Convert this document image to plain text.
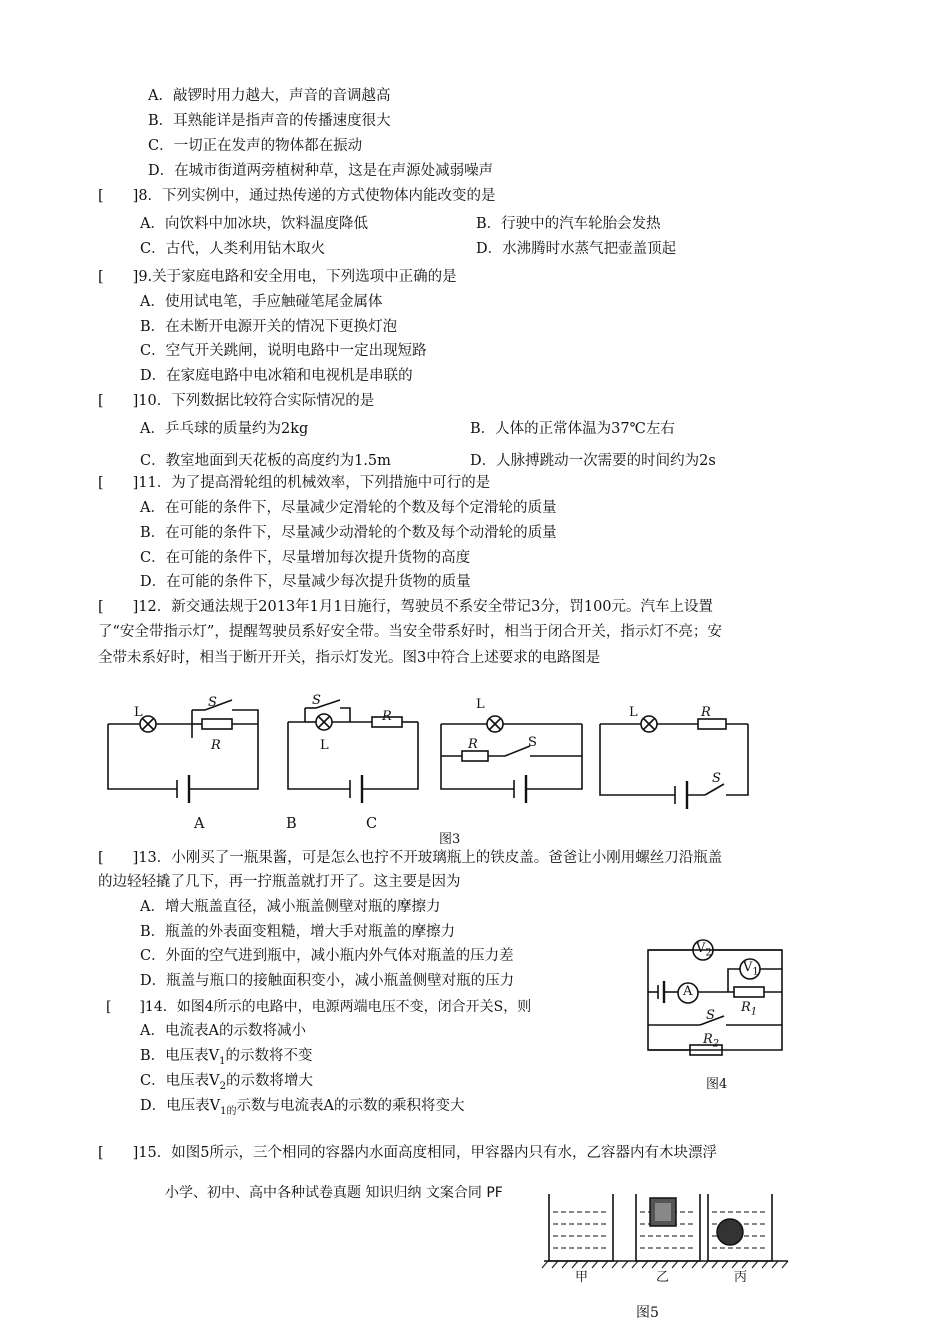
A．敲锣时用力越大，声音的音调越高
B．耳熟能详是指声音的传播速度很大
C．一切正在发声的物体都在振动
D．在城市街道两旁植树种草，这是在声源处减弱噪声
[　　]8．下列实例中，通过热传递的方式使物体内能改变的是
A．向饮料中加冰块，饮料温度降低	B．行驶中的汽车轮胎会发热
C．古代，人类利用钻木取火	D．水沸腾时水蒸气把壶盖顶起
[　　]9.关于家庭电路和安全用电，下列选项中正确的是
A．使用试电笔，手应触碰笔尾金属体
B．在未断开电源开关的情况下更换灯泡
C．空气开关跳闸，说明电路中一定出现短路
D．在家庭电路中电冰箱和电视机是串联的
[　　]10．下列数据比较符合实际情况的是
A．乒乓球的质量约为2kg	B．人体的正常体温为37℃左右
C．教室地面到天花板的高度约为1.5m	D．人脉搏跳动一次需要的时间约为2s
[　　]11．为了提高滑轮组的机械效率，下列措施中可行的是
A．在可能的条件下，尽量减少定滑轮的个数及每个定滑轮的质量
B．在可能的条件下，尽量减少动滑轮的个数及每个动滑轮的质量
C．在可能的条件下，尽量增加每次提升货物的高度
D．在可能的条件下，尽量减少每次提升货物的质量
[　　]12．新交通法规于2013年1月1日施行，驾驶员不系安全带记3分，罚100元。汽车上设置
了“安全带指示灯”，提醒驾驶员系好安全带。当安全带系好时，相当于闭合开关，指示灯不亮；安
全带未系好时，相当于断开开关，指示灯发光。图3中符合上述要求的电路图是
L
S
R
S
L
R
L
R	S
L	R
S
A	B	C
图3
[　　]13．小刚买了一瓶果酱，可是怎么也拧不开玻璃瓶上的铁皮盖。爸爸让小刚用螺丝刀沿瓶盖
的边轻轻撬了几下，再一拧瓶盖就打开了。这主要是因为
A．增大瓶盖直径，减小瓶盖侧壁对瓶的摩擦力
B．瓶盖的外表面变粗糙，增大手对瓶盖的摩擦力
C．外面的空气进到瓶中，减小瓶内外气体对瓶盖的压力差
D．瓶盖与瓶口的接触面积变小，减小瓶盖侧壁对瓶的压力
[　　]14．如图4所示的电路中，电源两端电压不变，闭合开关S，则
A．电流表A的示数将减小
B．电压表$V_1$的示数将不变
C．电压表$V_2$的示数将增大
D．电压表$V_{1的}$示数与电流表A的示数的乘积将变大
$V_2$
$V_1$
A
$R_1$
S
$R_2$
图4
[　　]15．如图5所示，三个相同的容器内水面高度相同，甲容器内只有水，乙容器内有木块漂浮
小学、初中、高中各种试卷真题 知识归纳 文案合同 PF
甲	乙	丙
图5
